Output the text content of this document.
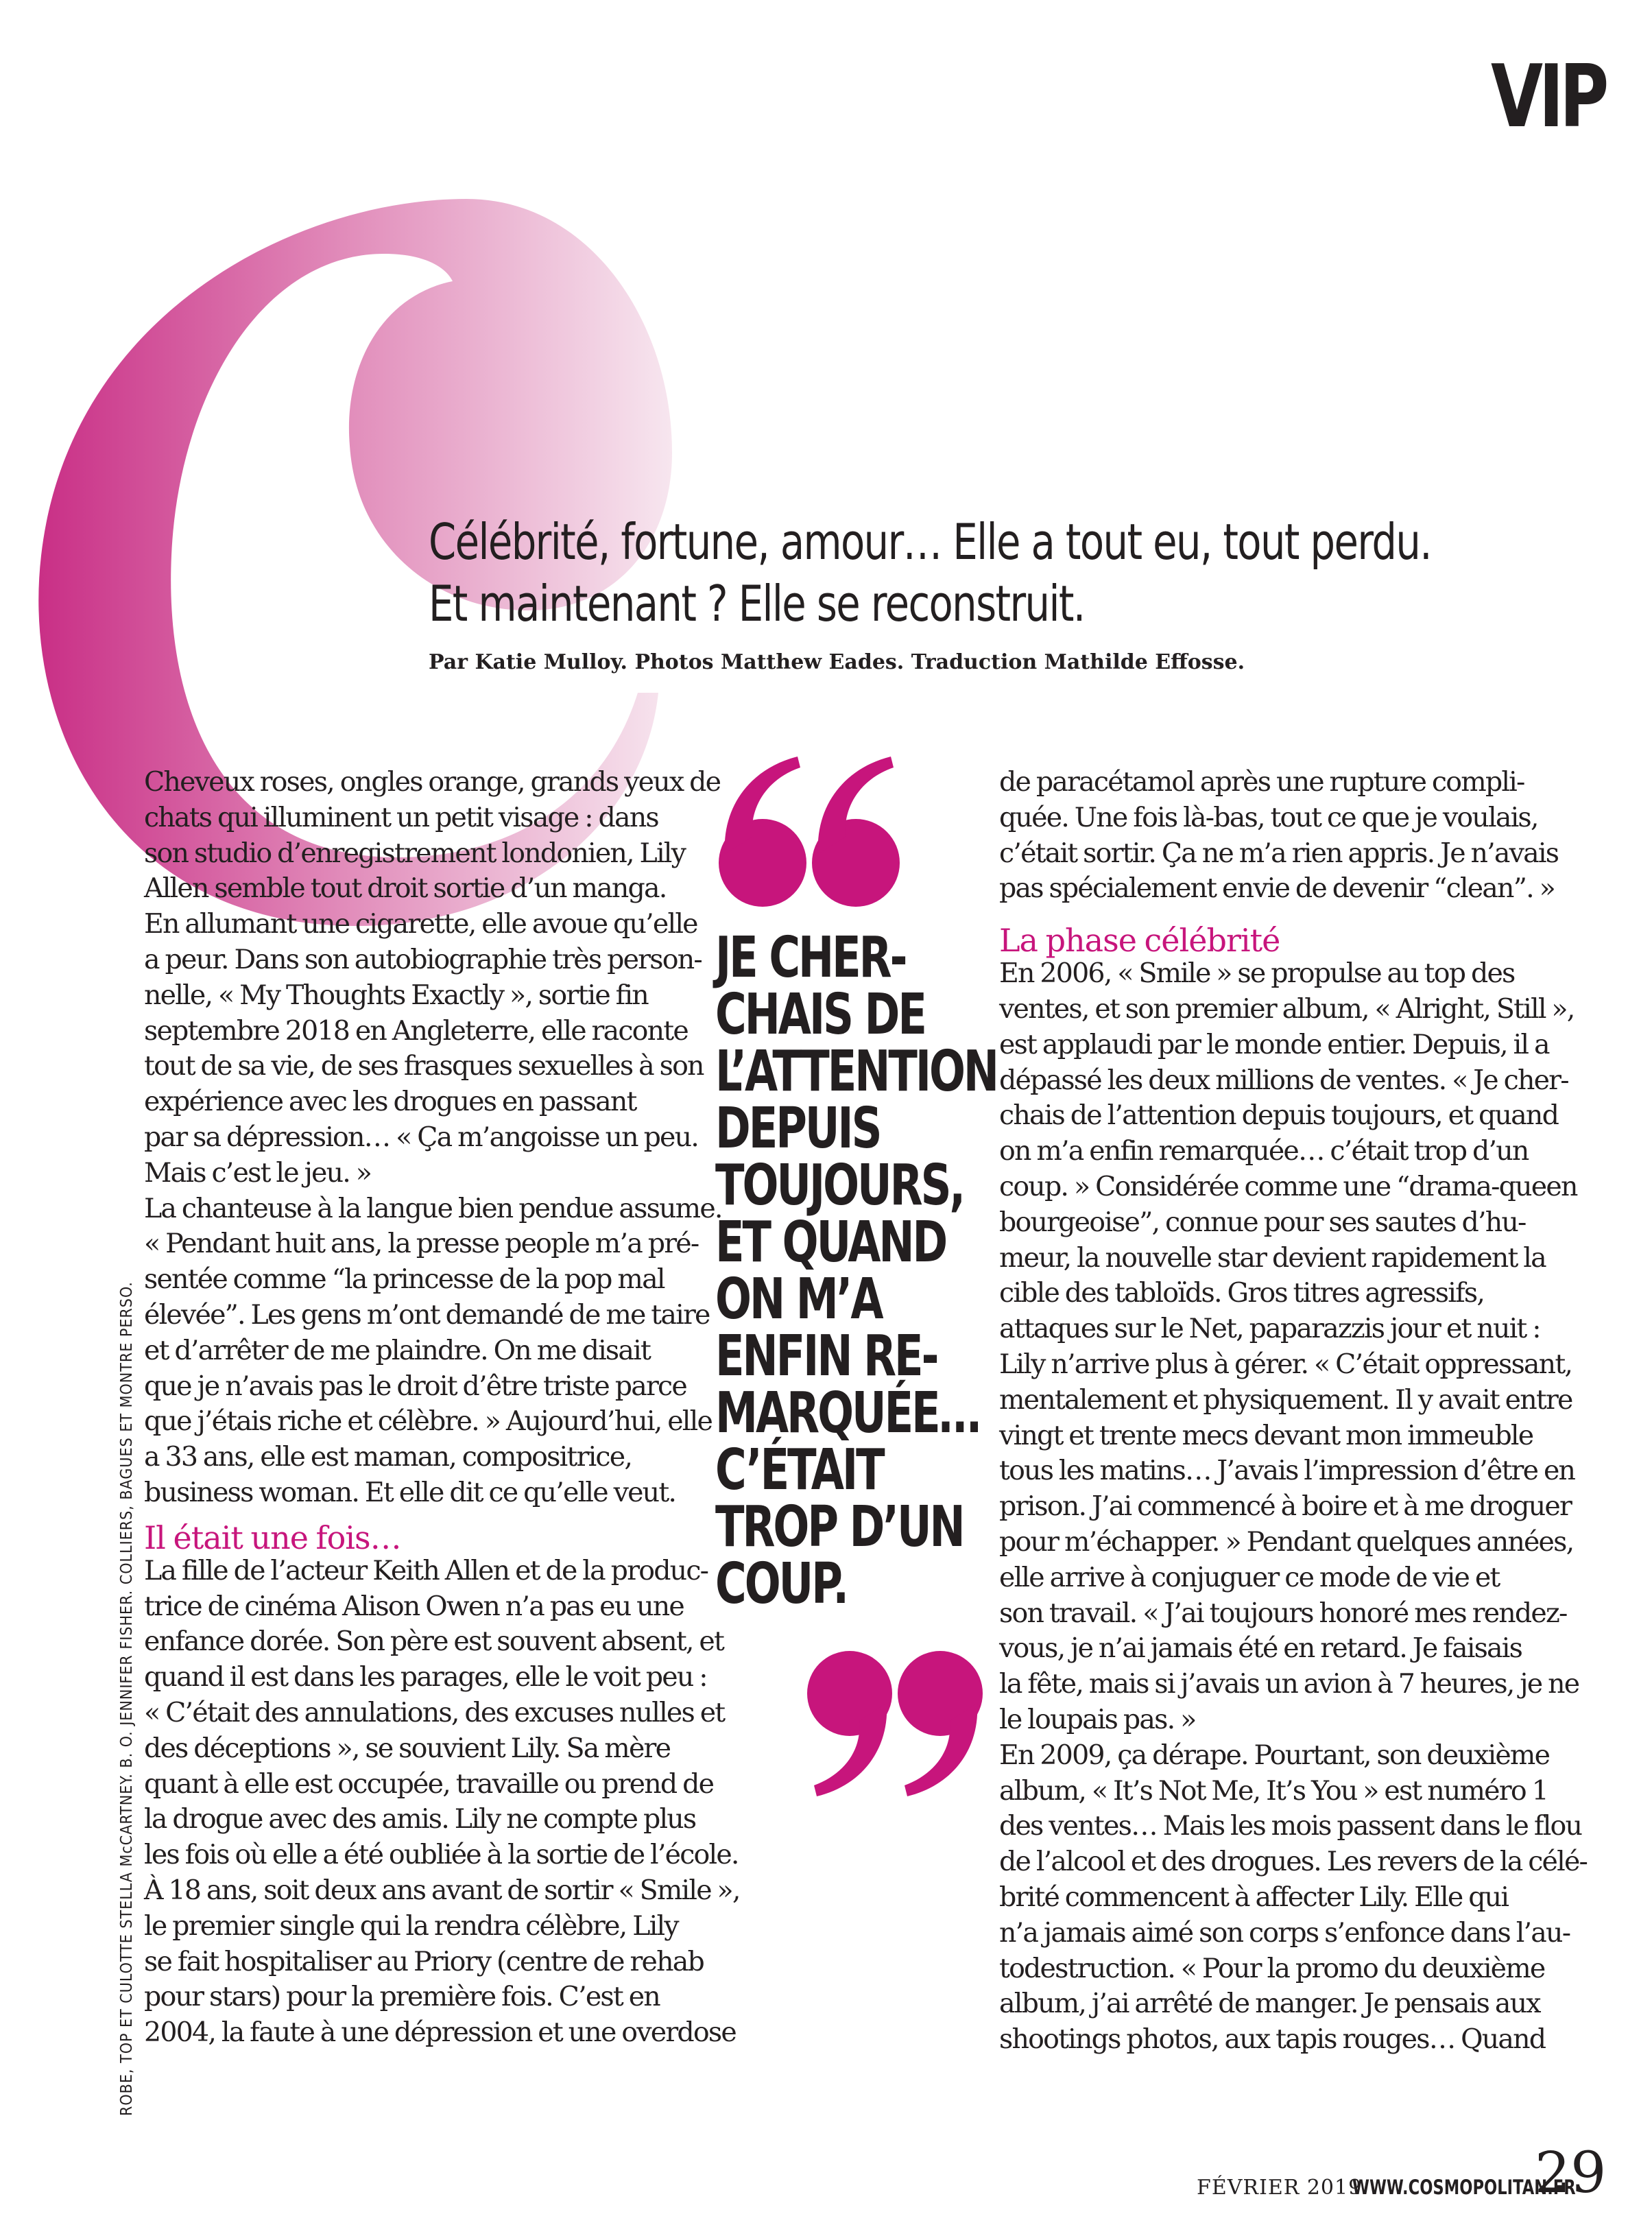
VIP
Célébrité, fortune, amour… Elle a tout eu, tout perdu.
Et maintenant ? Elle se reconstruit.
Par Katie Mulloy. Photos Matthew Eades. Traduction Mathilde Effosse.
Cheveux roses, ongles orange, grands yeux de
chats qui illuminent un petit visage : dans
son studio d’enregistrement londonien, Lily
Allen semble tout droit sortie d’un manga.
En allumant une cigarette, elle avoue qu’elle
a peur. Dans son autobiographie très person-
nelle, « My Thoughts Exactly », sortie fin
septembre 2018 en Angleterre, elle raconte
tout de sa vie, de ses frasques sexuelles à son
expérience avec les drogues en passant
par sa dépression… « Ça m’angoisse un peu.
Mais c’est le jeu. »
La chanteuse à la langue bien pendue assume.
« Pendant huit ans, la presse people m’a pré-
sentée comme “la princesse de la pop mal
élevée”. Les gens m’ont demandé de me taire
et d’arrêter de me plaindre. On me disait
que je n’avais pas le droit d’être triste parce
que j’étais riche et célèbre. » Aujourd’hui, elle
a 33 ans, elle est maman, compositrice,
business woman. Et elle dit ce qu’elle veut.
Il était une fois…
La fille de l’acteur Keith Allen et de la produc-
trice de cinéma Alison Owen n’a pas eu une
enfance dorée. Son père est souvent absent, et
quand il est dans les parages, elle le voit peu :
« C’était des annulations, des excuses nulles et
des déceptions », se souvient Lily. Sa mère
quant à elle est occupée, travaille ou prend de
la drogue avec des amis. Lily ne compte plus
les fois où elle a été oubliée à la sortie de l’école.
À 18 ans, soit deux ans avant de sortir « Smile »,
le premier single qui la rendra célèbre, Lily
se fait hospitaliser au Priory (centre de rehab
pour stars) pour la première fois. C’est en
2004, la faute à une dépression et une overdose
JE CHER-
CHAIS DE
L’ATTENTION
DEPUIS
TOUJOURS,
ET QUAND
ON M’A
ENFIN RE-
MARQUÉE…
C’ÉTAIT
TROP D’UN
COUP.
de paracétamol après une rupture compli-
quée. Une fois là-bas, tout ce que je voulais,
c’était sortir. Ça ne m’a rien appris. Je n’avais
pas spécialement envie de devenir “clean”. »
La phase célébrité
En 2006, « Smile » se propulse au top des
ventes, et son premier album, « Alright, Still »,
est applaudi par le monde entier. Depuis, il a
dépassé les deux millions de ventes. « Je cher-
chais de l’attention depuis toujours, et quand
on m’a enfin remarquée… c’était trop d’un
coup. » Considérée comme une “drama-queen
bourgeoise”, connue pour ses sautes d’hu-
meur, la nouvelle star devient rapidement la
cible des tabloïds. Gros titres agressifs,
attaques sur le Net, paparazzis jour et nuit :
Lily n’arrive plus à gérer. « C’était oppressant,
mentalement et physiquement. Il y avait entre
vingt et trente mecs devant mon immeuble
tous les matins… J’avais l’impression d’être en
prison. J’ai commencé à boire et à me droguer
pour m’échapper. » Pendant quelques années,
elle arrive à conjuguer ce mode de vie et
son travail. « J’ai toujours honoré mes rendez-
vous, je n’ai jamais été en retard. Je faisais
la fête, mais si j’avais un avion à 7 heures, je ne
le loupais pas. »
En 2009, ça dérape. Pourtant, son deuxième
album, « It’s Not Me, It’s You » est numéro 1
des ventes… Mais les mois passent dans le flou
de l’alcool et des drogues. Les revers de la célé-
brité commencent à affecter Lily. Elle qui
n’a jamais aimé son corps s’enfonce dans l’au-
todestruction. « Pour la promo du deuxième
album, j’ai arrêté de manger. Je pensais aux
shootings photos, aux tapis rouges… Quand
ROBE, TOP ET CULOTTE STELLA McCARTNEY. B. O. JENNIFER FISHER. COLLIERS, BAGUES ET MONTRE PERSO.
FÉVRIER 2019
WWW.COSMOPOLITAN.FR
29
